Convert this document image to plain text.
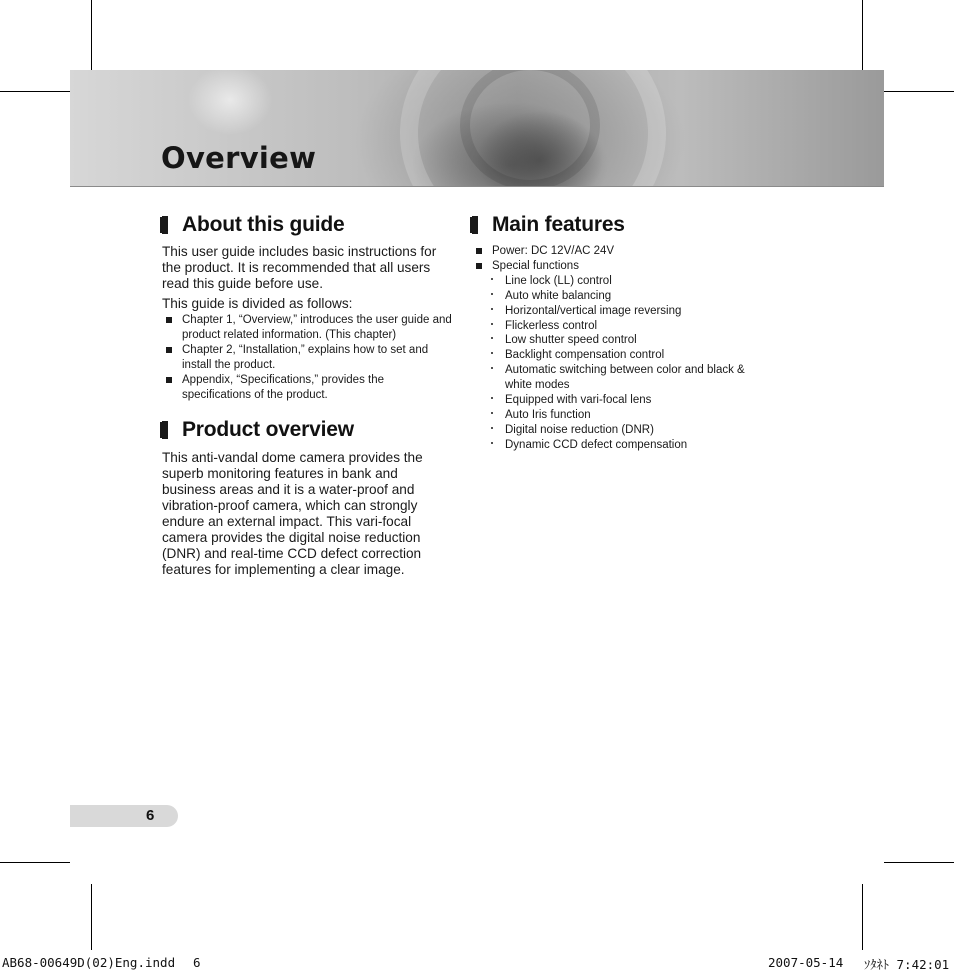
Overview
About this guide

This user guide includes basic instructions for the product. It is recommended that all users read this guide before use.

This guide is divided as follows:

Chapter 1, “Overview,” introduces the user guide and product related information. (This chapter)
Chapter 2, “Installation,” explains how to set and install the product.
Appendix, “Specifications,” provides the specifications of the product.
Product overview

This anti-vandal dome camera provides the superb monitoring features in bank and business areas and it is a water-proof and vibration-proof camera, which can strongly endure an external impact. This vari-focal camera provides the digital noise reduction (DNR) and real-time CCD defect correction features for implementing a clear image.

Main features
Power: DC 12V/AC 24V
Special functions
Line lock (LL) control
Auto white balancing
Horizontal/vertical image reversing
Flickerless control
Low shutter speed control
Backlight compensation control
Automatic switching between color and black & white modes
Equipped with vari-focal lens
Auto Iris function
Digital noise reduction (DNR)
Dynamic CCD defect compensation
6
AB68-00649D(02)Eng.indd 6	2007-05-14 ｿﾀﾈﾄ 7:42:01
